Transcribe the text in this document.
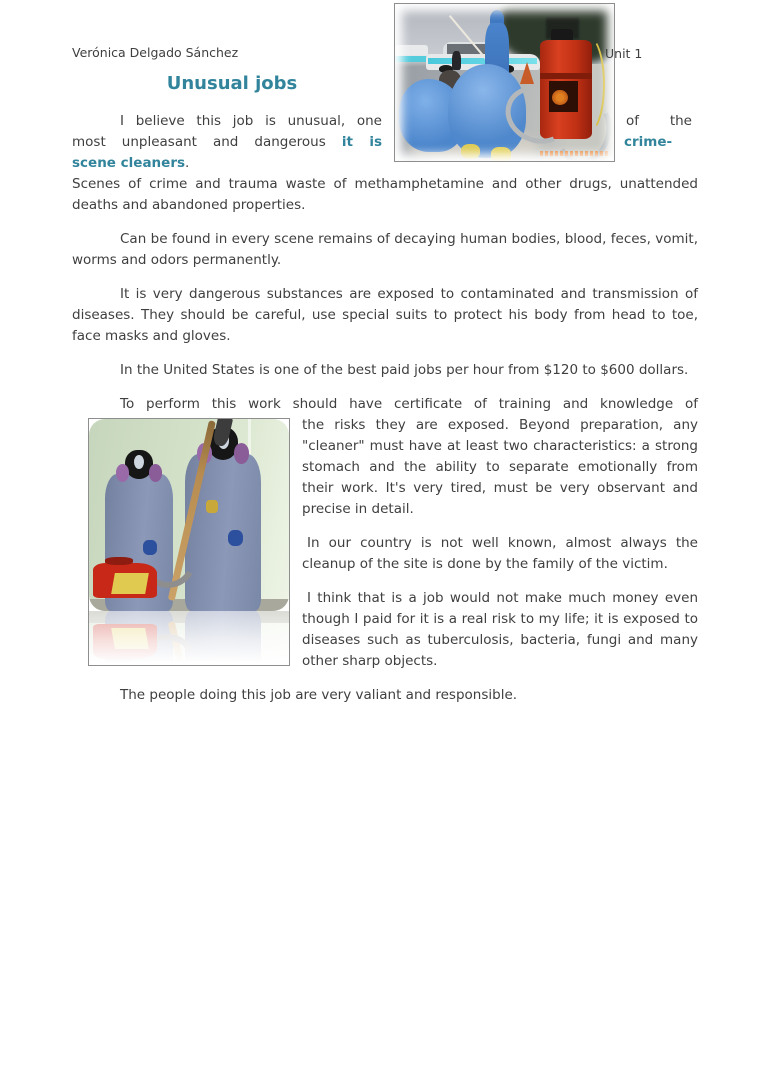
Unit 1
Verónica Delgado Sánchez
Unusual jobs
I believe this job is unusual, one
most unpleasant and dangerous it is
scene cleaners.
Scenes of crime and trauma waste of methamphetamine and other drugs, unattended deaths and abandoned properties.

Can be found in every scene remains of decaying human bodies, blood, feces, vomit, worms and odors permanently.

It is very dangerous substances are exposed to contaminated and transmission of diseases. They should be careful, use special suits to protect his body from head to toe, face masks and gloves.

In the United States is one of the best paid jobs per hour from $120 to $600 dollars.

To perform this work should have certificate of training and knowledge of

the risks they are exposed. Beyond preparation, any "cleaner" must have at least two characteristics: a strong stomach and the ability to separate emotionally from their work. It's very tired, must be very observant and precise in detail.

In our country is not well known, almost always the cleanup of the site is done by the family of the victim.

I think that is a job would not make much money even though I paid for it is a real risk to my life; it is exposed to diseases such as tuberculosis, bacteria, fungi and many other sharp objects.

The people doing this job are very valiant and responsible.

of the
crime-
